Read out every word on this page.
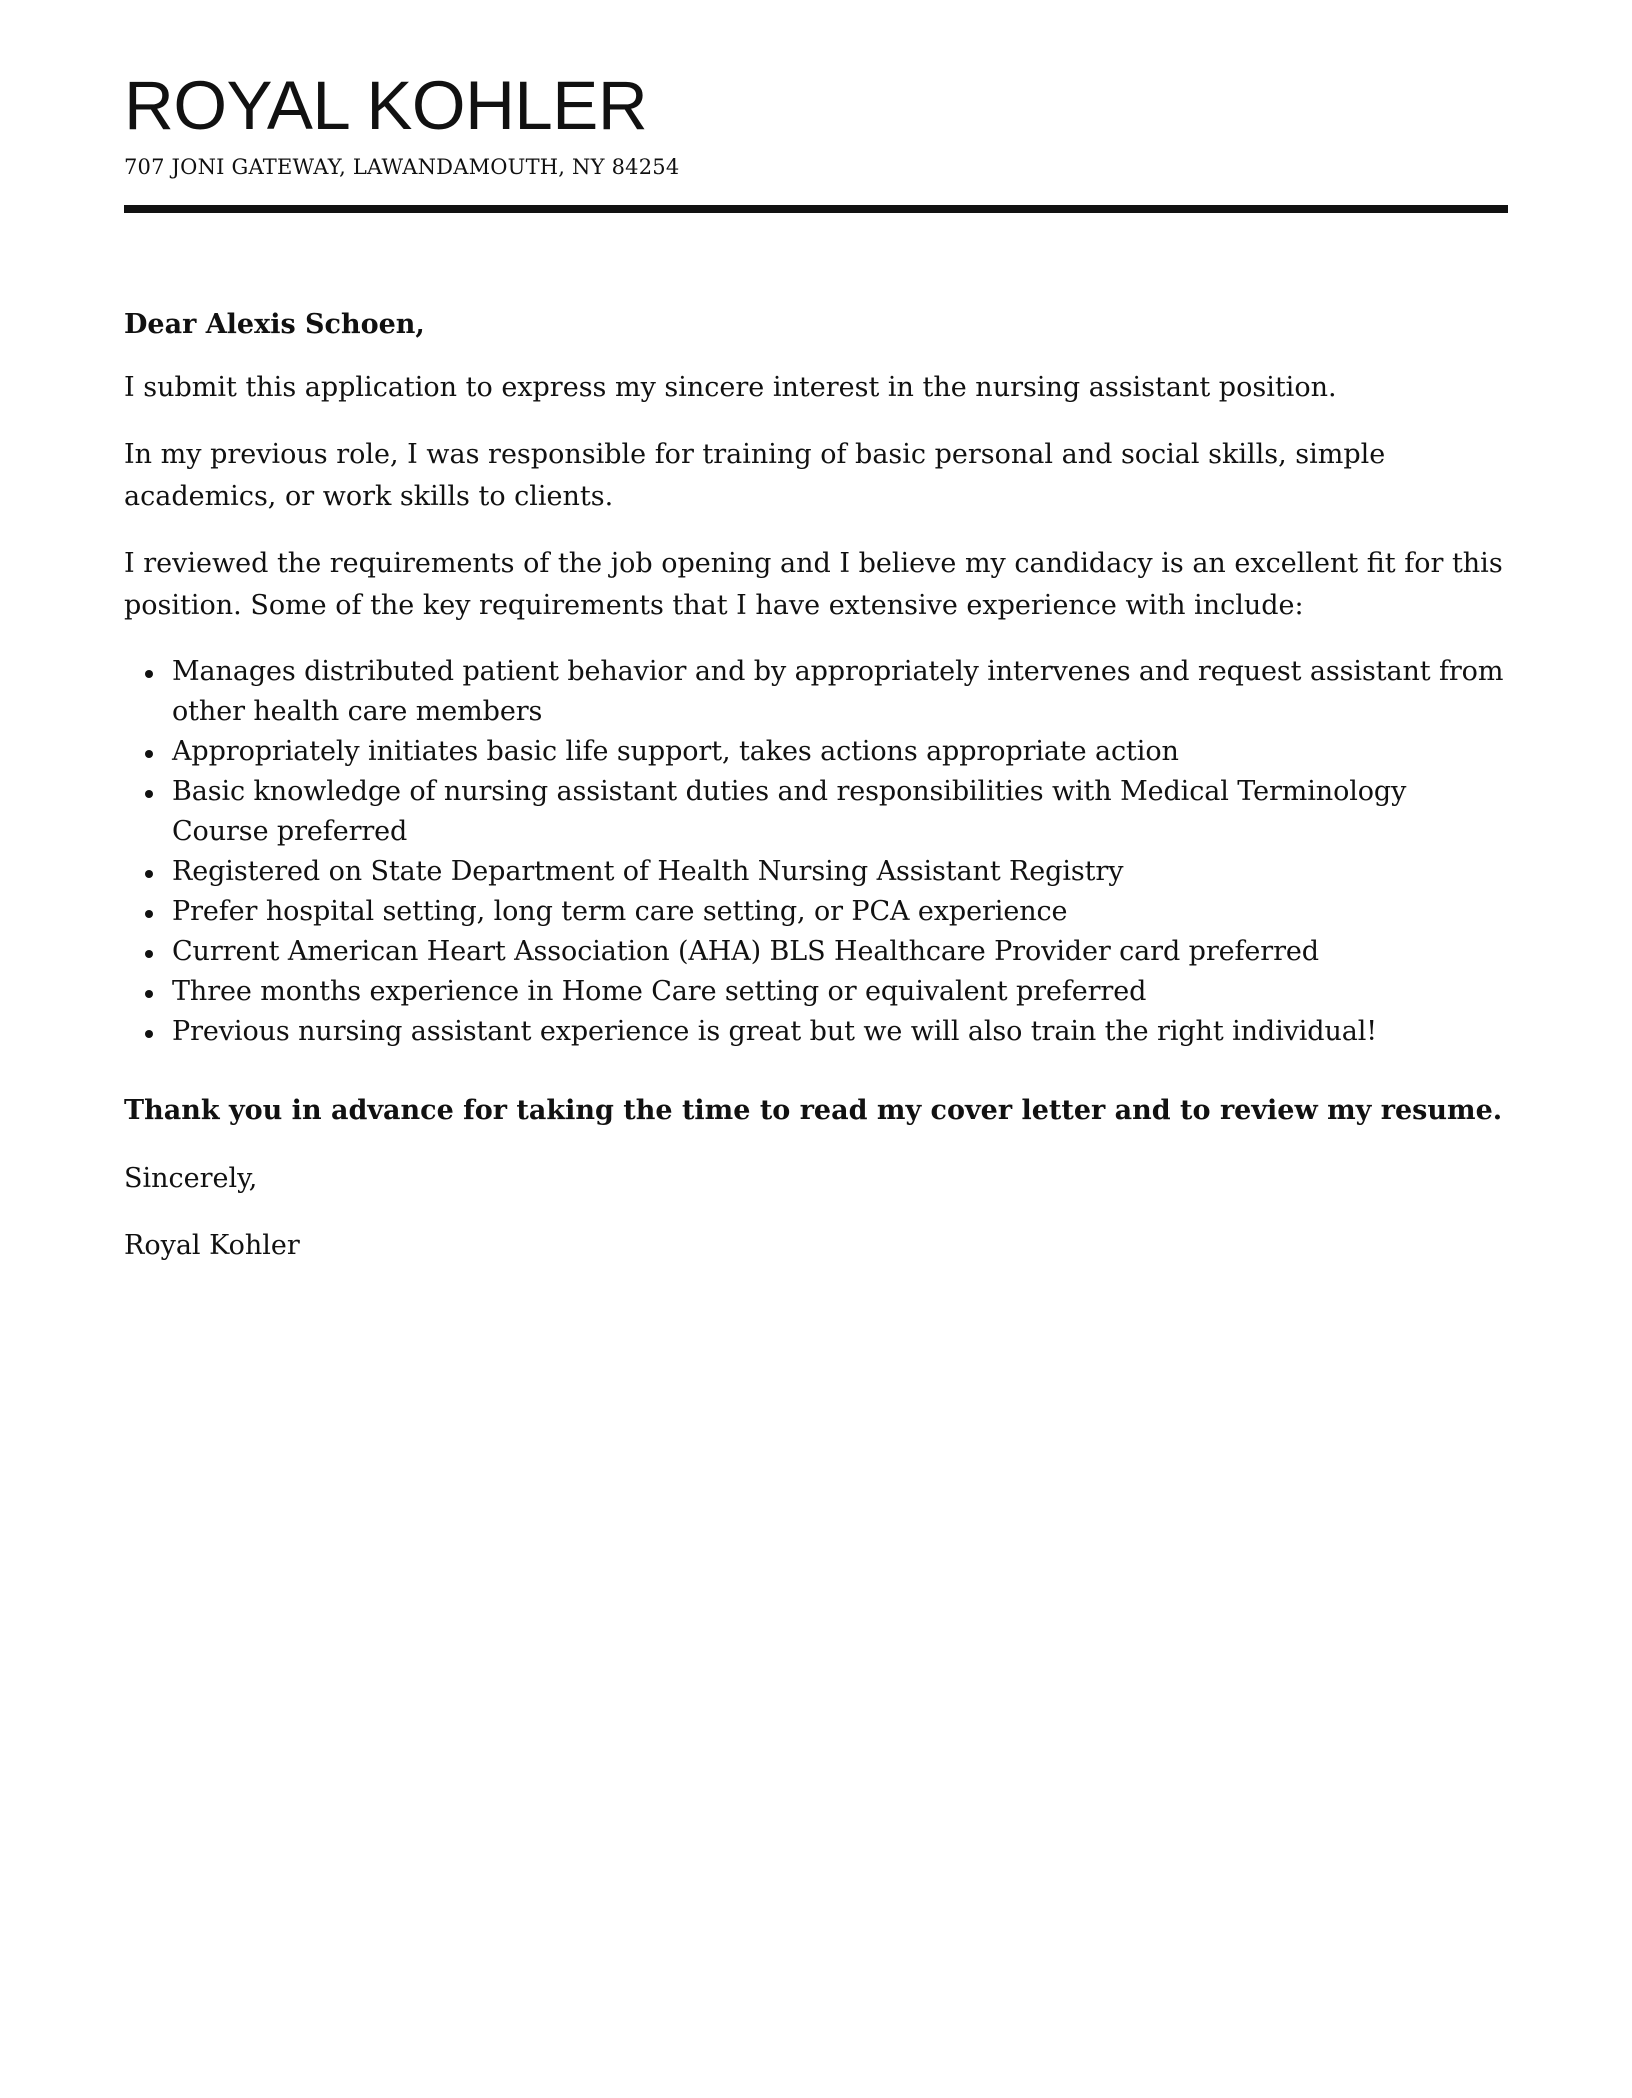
ROYAL KOHLER
707 JONI GATEWAY, LAWANDAMOUTH, NY 84254

Dear Alexis Schoen,

I submit this application to express my sincere interest in the nursing assistant position.

In my previous role, I was responsible for training of basic personal and social skills, simple academics, or work skills to clients.

I reviewed the requirements of the job opening and I believe my candidacy is an excellent fit for this position. Some of the key requirements that I have extensive experience with include:

Manages distributed patient behavior and by appropriately intervenes and request assistant from other health care members
Appropriately initiates basic life support, takes actions appropriate action
Basic knowledge of nursing assistant duties and responsibilities with Medical Terminology Course preferred
Registered on State Department of Health Nursing Assistant Registry
Prefer hospital setting, long term care setting, or PCA experience
Current American Heart Association (AHA) BLS Healthcare Provider card preferred
Three months experience in Home Care setting or equivalent preferred
Previous nursing assistant experience is great but we will also train the right individual!

Thank you in advance for taking the time to read my cover letter and to review my resume.

Sincerely,

Royal Kohler
